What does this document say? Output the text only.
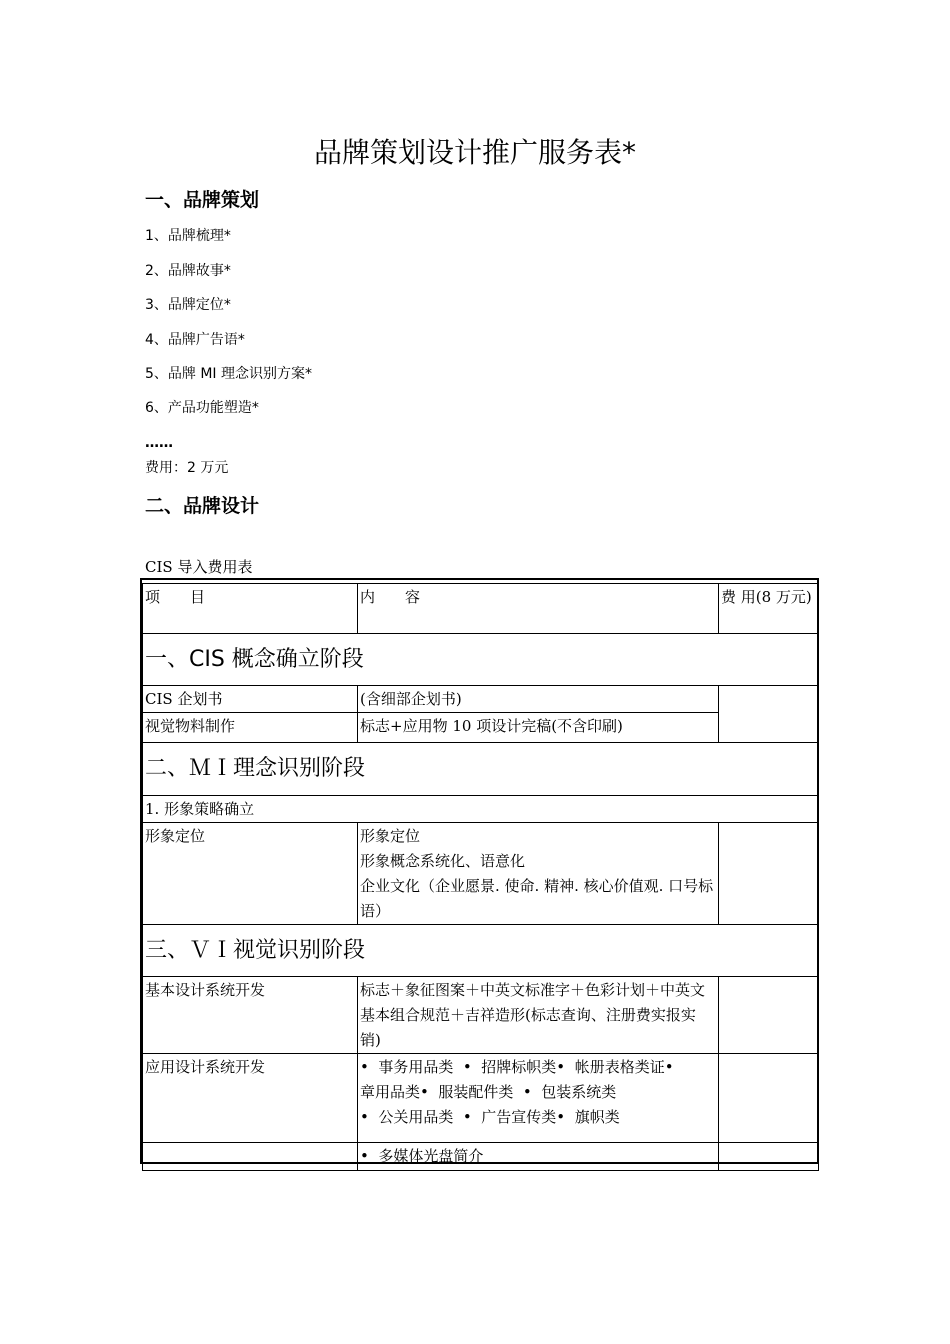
品牌策划设计推广服务表*
一、品牌策划
1、品牌梳理*
2、品牌故事*
3、品牌定位*
4、品牌广告语*
5、品牌 MI 理念识别方案*
6、产品功能塑造*
……
费用：2 万元
二、品牌设计
CIS 导入费用表
项　　目	内　　容	费 用(8 万元)
一、CIS 概念确立阶段		
CIS 企划书	(含细部企划书)	
视觉物料制作	标志+应用物 10 项设计完稿(不含印刷)	
二、ＭＩ理念识别阶段		
1. 形象策略确立		
形象定位	形象定位
形象概念系统化、语意化
企业文化（企业愿景. 使命. 精神. 核心价值观. 口号标语）	

三、ＶＩ视觉识别阶段		
基本设计系统开发	标志＋象征图案＋中英文标准字＋色彩计划＋中英文基本组合规范＋吉祥造形(标志查询、注册费实报实销)	
应用设计系统开发	•  事务用品类  •  招牌标帜类•  帐册表格类证•
章用品类•  服装配件类  •  包装系统类
•  公关用品类  •  广告宣传类•  旗帜类	

	•  多媒体光盘简介	
